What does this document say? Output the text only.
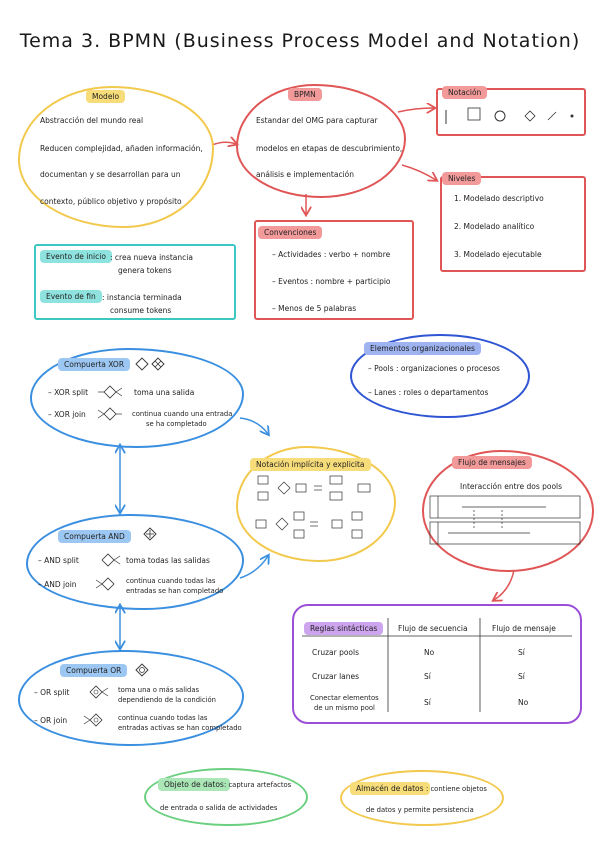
Tema 3. BPMN (Business Process Model and Notation)
Modelo
Abstracción del mundo real
Reducen complejidad, añaden información,
documentan y se desarrollan para un
contexto, público objetivo y propósito
BPMN
Estandar del OMG para capturar
modelos en etapas de descubrimiento,
análisis e implementación
Notación
Niveles
1. Modelado descriptivo
2. Modelado analítico
3. Modelado ejecutable
Convenciones
– Actividades : verbo + nombre
– Eventos : nombre + participio
– Menos de 5 palabras
Evento de inicio : crea nueva instancia
genera tokens
Evento de fin : instancia terminada
consume tokens
Elementos organizacionales
– Pools : organizaciones o procesos
– Lanes : roles o departamentos
Compuerta XOR
– XOR split	toma una salida
– XOR join	continua cuando una entrada
se ha completado
Notación implícita y explicita	Flujo de mensajes
Interacción entre dos pools
Compuerta AND
– AND split	toma todas las salidas
– AND join	continua cuando todas las
entradas se han completado
Reglas sintácticas	Flujo de secuencia	Flujo de mensaje
Cruzar pools	No	Sí
Cruzar lanes	Sí	Sí
Conectar elementos
de un mismo pool
Sí	No
Compuerta OR
– OR split	toma una o más salidas
dependiendo de la condición
– OR join	continua cuando todas las
entradas activas se han completado
Objeto de datos : captura artefactos
de entrada o salida de actividades
Almacén de datos : contiene objetos
de datos y permite persistencia
